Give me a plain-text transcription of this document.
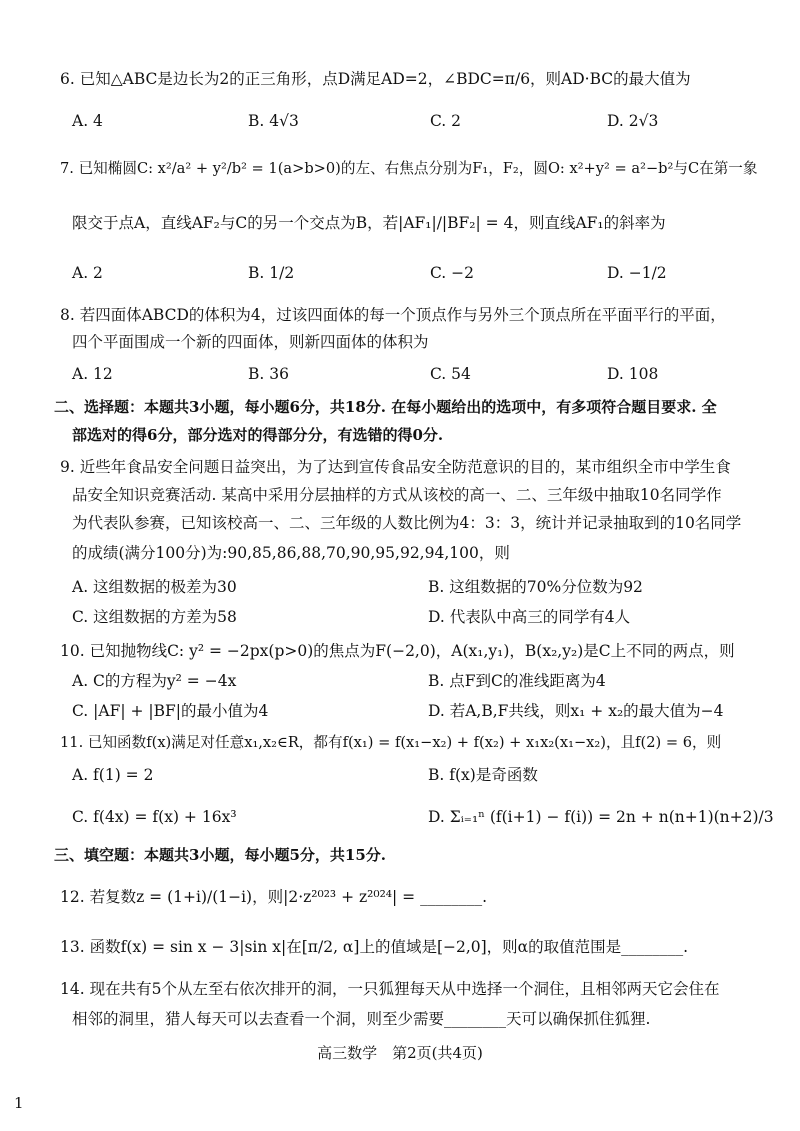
6. 已知△ABC是边长为2的正三角形，点D满足AD=2，∠BDC=π/6，则AD·BC的最大值为
A. 4	B. 4√3	C. 2	D. 2√3
7. 已知椭圆C: x²/a² + y²/b² = 1(a>b>0)的左、右焦点分别为F₁，F₂，圆O: x²+y² = a²−b²与C在第一象
限交于点A，直线AF₂与C的另一个交点为B，若|AF₁|/|BF₂| = 4，则直线AF₁的斜率为
A. 2	B. 1/2	C. −2	D. −1/2
8. 若四面体ABCD的体积为4，过该四面体的每一个顶点作与另外三个顶点所在平面平行的平面，
四个平面围成一个新的四面体，则新四面体的体积为
A. 12	B. 36	C. 54	D. 108
二、选择题：本题共3小题，每小题6分，共18分. 在每小题给出的选项中，有多项符合题目要求. 全
部选对的得6分，部分选对的得部分分，有选错的得0分.
9. 近些年食品安全问题日益突出，为了达到宣传食品安全防范意识的目的，某市组织全市中学生食
品安全知识竞赛活动. 某高中采用分层抽样的方式从该校的高一、二、三年级中抽取10名同学作
为代表队参赛，已知该校高一、二、三年级的人数比例为4：3：3，统计并记录抽取到的10名同学
的成绩(满分100分)为:90,85,86,88,70,90,95,92,94,100，则
A. 这组数据的极差为30	B. 这组数据的70%分位数为92
C. 这组数据的方差为58	D. 代表队中高三的同学有4人
10. 已知抛物线C: y² = −2px(p>0)的焦点为F(−2,0)，A(x₁,y₁)，B(x₂,y₂)是C上不同的两点，则
A. C的方程为y² = −4x	B. 点F到C的准线距离为4
C. |AF| + |BF|的最小值为4	D. 若A,B,F共线，则x₁ + x₂的最大值为−4
11. 已知函数f(x)满足对任意x₁,x₂∈R，都有f(x₁) = f(x₁−x₂) + f(x₂) + x₁x₂(x₁−x₂)，且f(2) = 6，则
A. f(1) = 2	B. f(x)是奇函数
C. f(4x) = f(x) + 16x³	D. Σᵢ₌₁ⁿ (f(i+1) − f(i)) = 2n + n(n+1)(n+2)/3
三、填空题：本题共3小题，每小题5分，共15分.
12. 若复数z = (1+i)/(1−i)，则|2·z²⁰²³ + z²⁰²⁴| = ________.
13. 函数f(x) = sin x − 3|sin x|在[π/2, α]上的值域是[−2,0]，则α的取值范围是________.
14. 现在共有5个从左至右依次排开的洞，一只狐狸每天从中选择一个洞住，且相邻两天它会住在
相邻的洞里，猎人每天可以去查看一个洞，则至少需要________天可以确保抓住狐狸.
高三数学　第2页(共4页)
1
